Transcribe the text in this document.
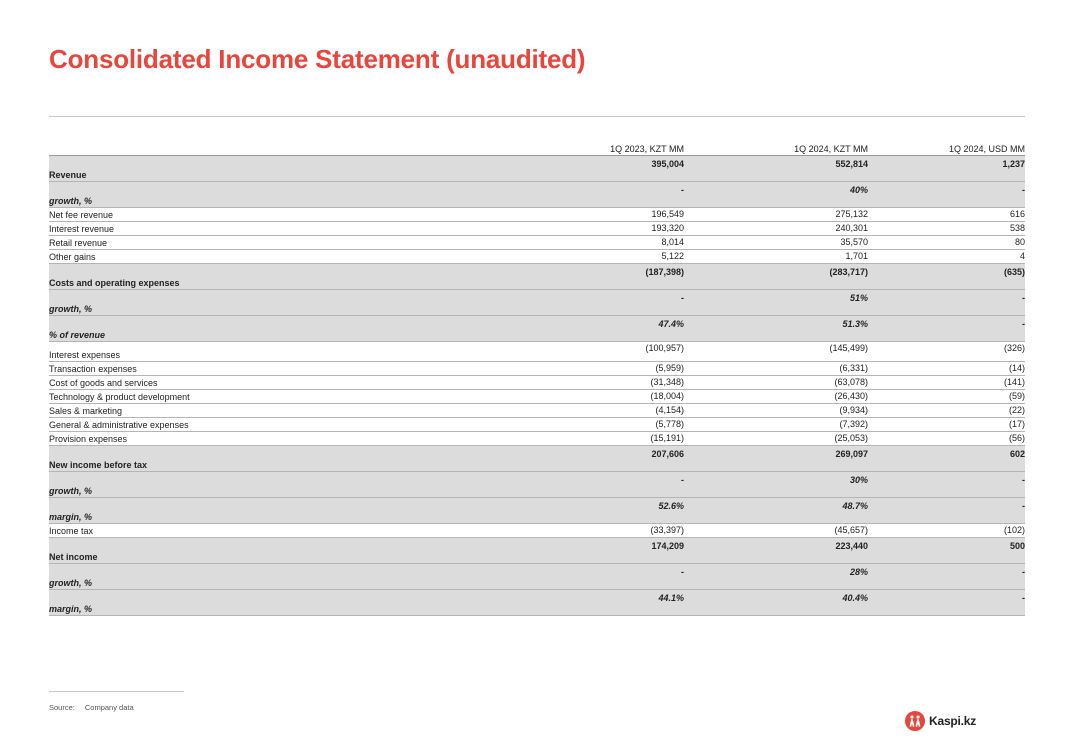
Consolidated Income Statement (unaudited)
	1Q 2023, KZT MM	1Q 2024, KZT MM	1Q 2024, USD MM
Revenue	395,004	552,814	1,237
growth, %	-	40%	-
Net fee revenue	196,549	275,132	616
Interest revenue	193,320	240,301	538
Retail revenue	8,014	35,570	80
Other gains	5,122	1,701	4
Costs and operating expenses	(187,398)	(283,717)	(635)
growth, %	-	51%	-
% of revenue	47.4%	51.3%	-
Interest expenses	(100,957)	(145,499)	(326)
Transaction expenses	(5,959)	(6,331)	(14)
Cost of goods and services	(31,348)	(63,078)	(141)
Technology & product development	(18,004)	(26,430)	(59)
Sales & marketing	(4,154)	(9,934)	(22)
General & administrative expenses	(5,778)	(7,392)	(17)
Provision expenses	(15,191)	(25,053)	(56)
New income before tax	207,606	269,097	602
growth, %	-	30%	-
margin, %	52.6%	48.7%	-
Income tax	(33,397)	(45,657)	(102)
Net income	174,209	223,440	500
growth, %	-	28%	-
margin, %	44.1%	40.4%	-
Source: Company data
Kaspi.kz
